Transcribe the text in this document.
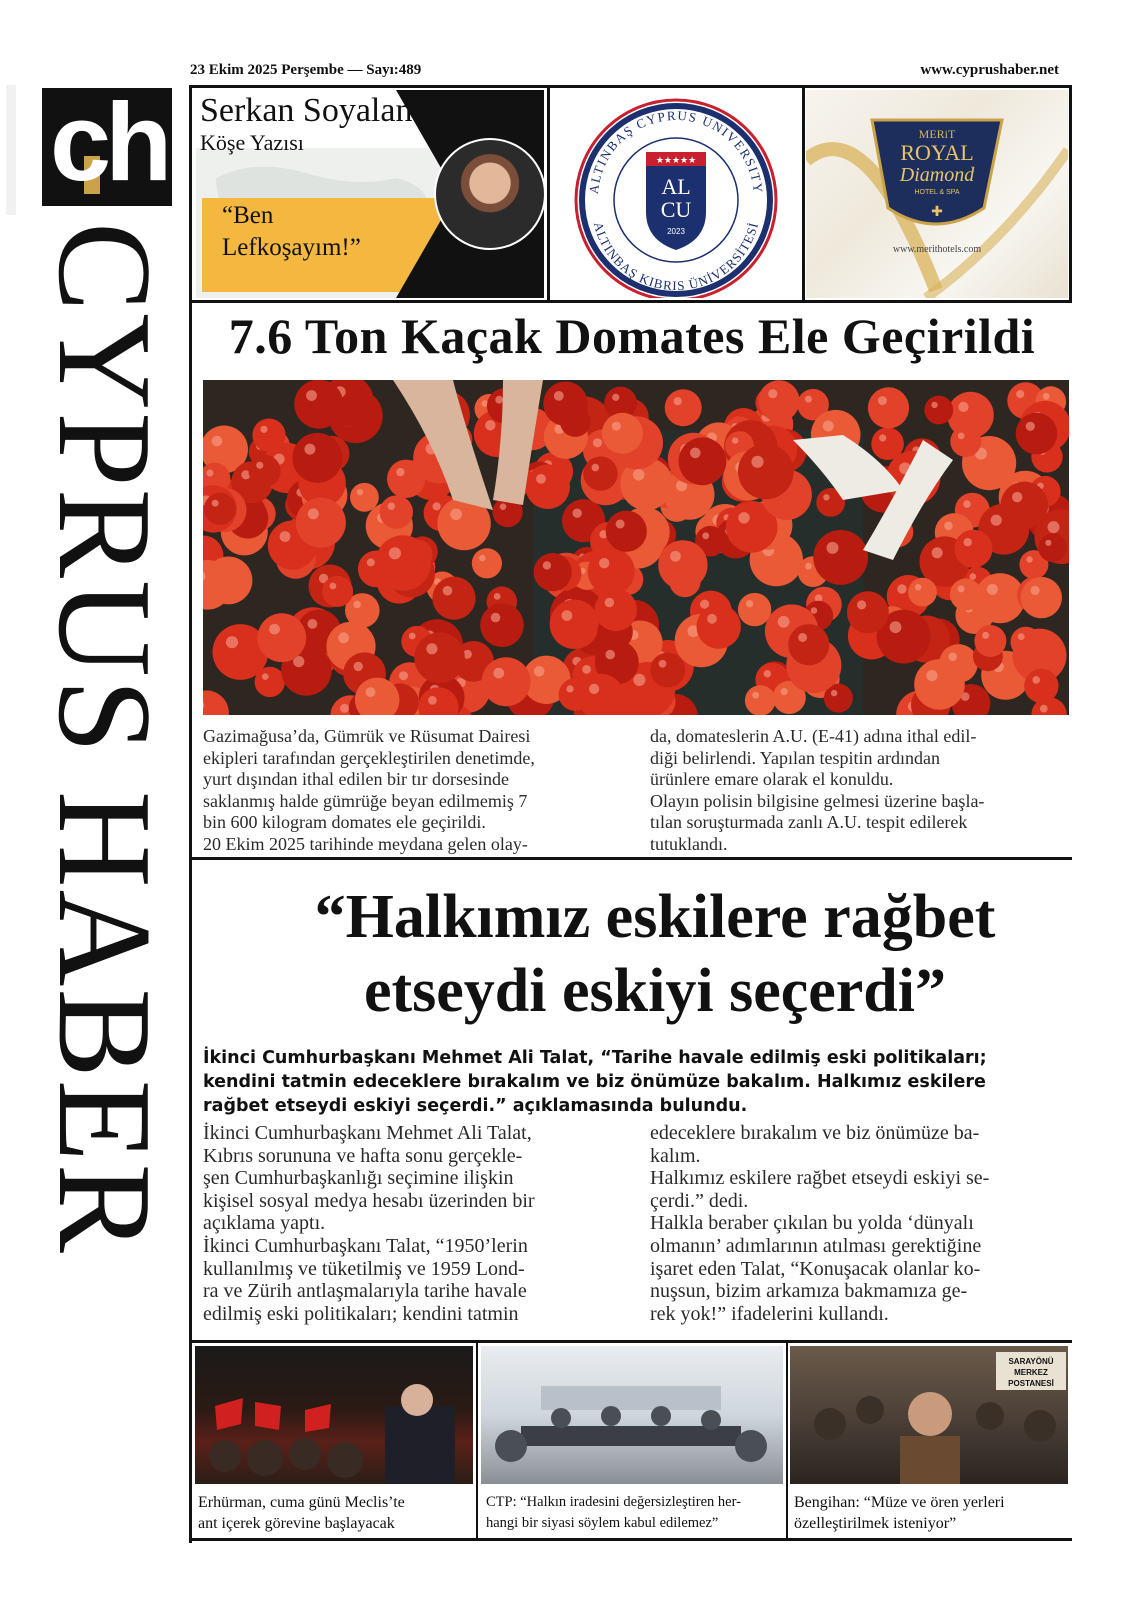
ch
CYPRUS HABER
23 Ekim 2025 Perşembe — Sayı:489	www.cyprushaber.net
Serkan Soyalan
Köşe Yazısı
“Ben
Lefkoşayım!”
ALTINBAŞ CYPRUS UNIVERSITY
ALTINBAŞ KIBRIS ÜNİVERSİTESİ
★★★★★
AL
CU
2023
MERiT
ROYAL
Diamond
HOTEL & SPA
✚
www.merithotels.com
7.6 Ton Kaçak Domates Ele Geçirildi
Gazimağusa’da, Gümrük ve Rüsumat Dairesi
ekipleri tarafından gerçekleştirilen denetimde,
yurt dışından ithal edilen bir tır dorsesinde
saklanmış halde gümrüğe beyan edilmemiş 7
bin 600 kilogram domates ele geçirildi.
20 Ekim 2025 tarihinde meydana gelen olay-
da, domateslerin A.U. (E-41) adına ithal edil-
diği belirlendi. Yapılan tespitin ardından
ürünlere emare olarak el konuldu.
Olayın polisin bilgisine gelmesi üzerine başla-
tılan soruşturmada zanlı A.U. tespit edilerek
tutuklandı.
“Halkımız eskilere rağbet
etseydi eskiyi seçerdi”
İkinci Cumhurbaşkanı Mehmet Ali Talat, “Tarihe havale edilmiş eski politikaları;
kendini tatmin edeceklere bırakalım ve biz önümüze bakalım. Halkımız eskilere
rağbet etseydi eskiyi seçerdi.” açıklamasında bulundu.
İkinci Cumhurbaşkanı Mehmet Ali Talat,
Kıbrıs sorununa ve hafta sonu gerçekle-
şen Cumhurbaşkanlığı seçimine ilişkin
kişisel sosyal medya hesabı üzerinden bir
açıklama yaptı.
İkinci Cumhurbaşkanı Talat, “1950’lerin
kullanılmış ve tüketilmiş ve 1959 Lond-
ra ve Zürih antlaşmalarıyla tarihe havale
edilmiş eski politikaları; kendini tatmin
edeceklere bırakalım ve biz önümüze ba-
kalım.
Halkımız eskilere rağbet etseydi eskiyi se-
çerdi.” dedi.
Halkla beraber çıkılan bu yolda ‘dünyalı
olmanın’ adımlarının atılması gerektiğine
işaret eden Talat, “Konuşacak olanlar ko-
nuşsun, bizim arkamıza bakmamıza ge-
rek yok!” ifadelerini kullandı.
SARAYÖNÜ
MERKEZ
POSTANESİ
Erhürman, cuma günü Meclis’te
ant içerek görevine başlayacak
CTP: “Halkın iradesini değersizleştiren her-
hangi bir siyasi söylem kabul edilemez”
Bengihan: “Müze ve ören yerleri
özelleştirilmek isteniyor”
